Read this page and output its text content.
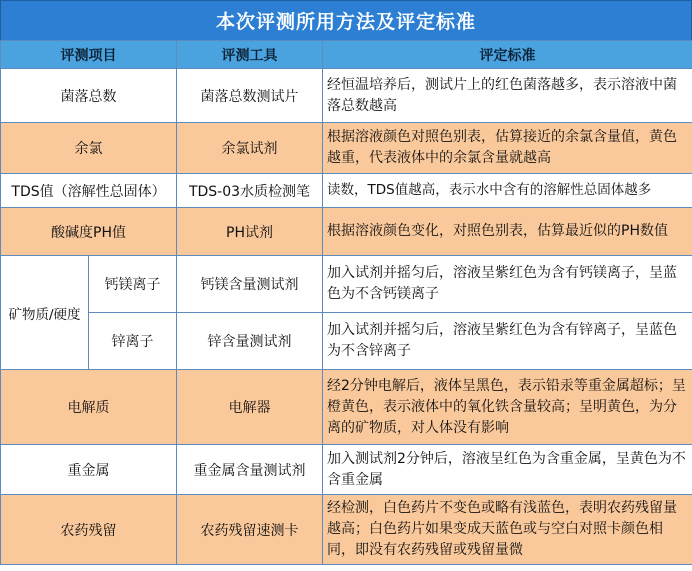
本次评测所用方法及评定标准
评测项目		评测工具	评定标准
菌落总数		菌落总数测试片	经恒温培养后，测试片上的红色菌落越多，表示溶液中菌落总数越高
余氯		余氯试剂	根据溶液颜色对照色别表，估算接近的余氯含量值，黄色越重，代表液体中的余氯含量就越高
TDS值（溶解性总固体）		TDS-03水质检测笔	读数，TDS值越高，表示水中含有的溶解性总固体越多
酸碱度PH值		PH试剂	根据溶液颜色变化，对照色别表，估算最近似的PH数值
矿物质/硬度	钙镁离子	钙镁含量测试剂	加入试剂并摇匀后，溶液呈紫红色为含有钙镁离子，呈蓝色为不含钙镁离子
	锌离子	锌含量测试剂	加入试剂并摇匀后，溶液呈紫红色为含有锌离子，呈蓝色为不含锌离子
电解质		电解器	经2分钟电解后，液体呈黑色，表示铅汞等重金属超标；呈橙黄色，表示液体中的氧化铁含量较高；呈明黄色，为分离的矿物质，对人体没有影响
重金属		重金属含量测试剂	加入测试剂2分钟后，溶液呈红色为含重金属，呈黄色为不含重金属
农药残留		农药残留速测卡	经检测，白色药片不变色或略有浅蓝色，表明农药残留量越高；白色药片如果变成天蓝色或与空白对照卡颜色相同，即没有农药残留或残留量微
